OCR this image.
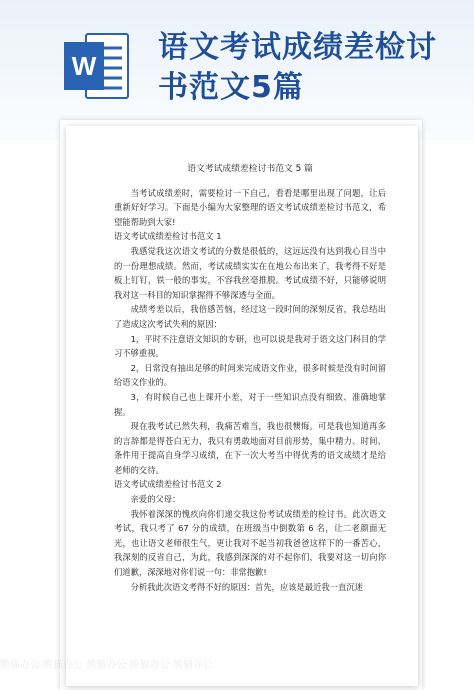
W
语文考试成绩差检讨书范文5篇

语文考试成绩差检讨书范文 5 篇

当考试成绩差时，需要检讨一下自己，看看是哪里出现了问题，让后重新好好学习。下面是小编为大家整理的语文考试成绩差检讨书范文，希望能帮助到大家!

语文考试成绩差检讨书范文 1

我感觉我这次语文考试的分数是很低的，这远远没有达到我心目当中的一份理想成绩。然而，考试成绩实实在在地公布出来了，我考得不好是板上钉钉，铁一般的事实，不容我丝毫推脱。考试成绩不好，只能够说明我对这一科目的知识掌握得不够深透与全面。

成绩考差以后，我倍感苦恼，经过这一段时间的深刻反省，我总结出了造成这次考试失利的原因：

1，平时不注意语文知识的专研，也可以说是我对于语文这门科目的学习不够重视。

2，日常没有抽出足够的时间来完成语文作业，很多时候是没有时间留给语文作业的。

3，有时候自己也上课开小差，对于一些知识点没有细致、准确地掌握。

现在我考试已然失利，我痛苦难当，我也很懊悔。可是我也知道再多的言辞都是得苍白无力，我只有勇敢地面对目前形势，集中精力、时间、条件用于提高自身学习成绩，在下一次大考当中得优秀的语文成绩才是给老师的交待。

语文考试成绩差检讨书范文 2

亲爱的父母：

我怀着深深的愧疚向你们递交我这份考试成绩差的检讨书。此次语文考试，我只考了 67 分的成绩，在班级当中倒数第 6 名，让二老颜面无光，也让语文老师很生气，更让我对不起当初我爸爸这样下的一番苦心，我深刻的反省自己，为此，我感到深深的对不起你们，我要对这一切向你们道歉，深深地对你们说一句：非常抱歉!

分析我此次语文考得不好的原因：首先，应该是最近我一直沉迷

熊猫办公 熊猫办公 熊猫办公 熊猫办公 熊猫办公
